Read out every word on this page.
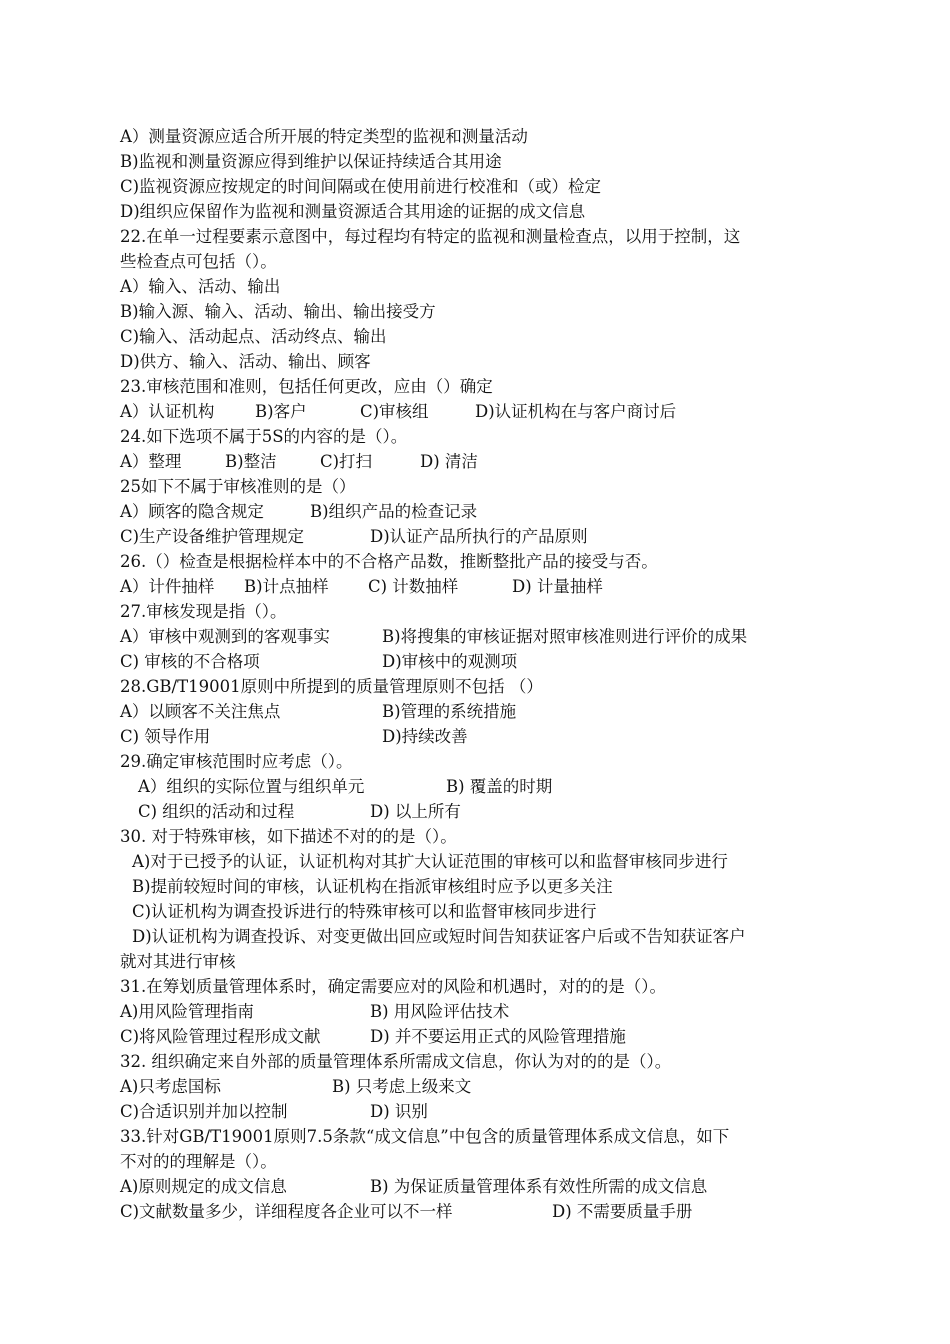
A）测量资源应适合所开展的特定类型的监视和测量活动
B)监视和测量资源应得到维护以保证持续适合其用途
C)监视资源应按规定的时间间隔或在使用前进行校准和（或）检定
D)组织应保留作为监视和测量资源适合其用途的证据的成文信息
22.在单一过程要素示意图中，每过程均有特定的监视和测量检查点，以用于控制，这
些检查点可包括（）。
A）输入、活动、输出
B)输入源、输入、活动、输出、输出接受方
C)输入、活动起点、活动终点、输出
D)供方、输入、活动、输出、顾客
23.审核范围和准则，包括任何更改，应由（）确定
A）认证机构 B)客户	C)审核组	D)认证机构在与客户商讨后
24.如下选项不属于5S的内容的是（）。
A）整理	B)整洁	C)打扫	D) 清洁
25如下不属于审核准则的是（）
A）顾客的隐含规定	B)组织产品的检查记录
C)生产设备维护管理规定	D)认证产品所执行的产品原则
26.（）检查是根据检样本中的不合格产品数，推断整批产品的接受与否。
A）计件抽样 B)计点抽样 C) 计数抽样	D) 计量抽样
27.审核发现是指（）。
A）审核中观测到的客观事实	B)将搜集的审核证据对照审核准则进行评价的成果
C) 审核的不合格项	D)审核中的观测项
28.GB/T19001原则中所提到的质量管理原则不包括 （）
A）以顾客不关注焦点	B)管理的系统措施
C) 领导作用	D)持续改善
29.确定审核范围时应考虑（）。
A）组织的实际位置与组织单元	B) 覆盖的时期
C) 组织的活动和过程	D) 以上所有
30. 对于特殊审核，如下描述不对的的是（）。
A)对于已授予的认证，认证机构对其扩大认证范围的审核可以和监督审核同步进行
B)提前较短时间的审核，认证机构在指派审核组时应予以更多关注
C)认证机构为调查投诉进行的特殊审核可以和监督审核同步进行
D)认证机构为调查投诉、对变更做出回应或短时间告知获证客户后或不告知获证客户
就对其进行审核
31.在筹划质量管理体系时，确定需要应对的风险和机遇时，对的的是（）。
A)用风险管理指南	B) 用风险评估技术
C)将风险管理过程形成文献	D) 并不要运用正式的风险管理措施
32. 组织确定来自外部的质量管理体系所需成文信息，你认为对的的是（）。
A)只考虑国标	B) 只考虑上级来文
C)合适识别并加以控制	D) 识别
33.针对GB/T19001原则7.5条款“成文信息”中包含的质量管理体系成文信息，如下
不对的的理解是（）。
A)原则规定的成文信息	B) 为保证质量管理体系有效性所需的成文信息
C)文献数量多少，详细程度各企业可以不一样	D) 不需要质量手册
